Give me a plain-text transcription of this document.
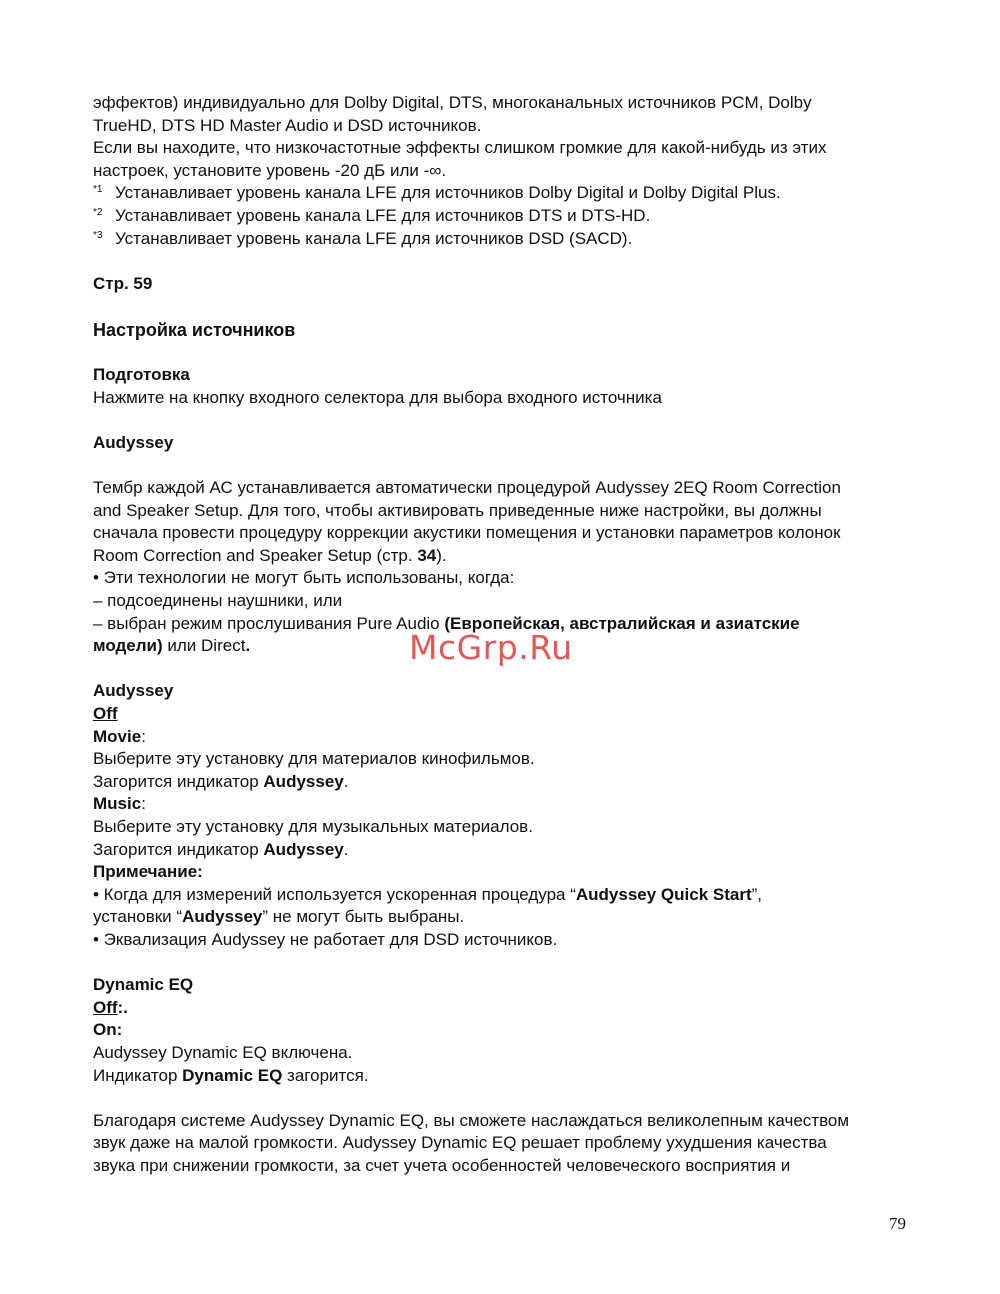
эффектов) индивидуально для Dolby Digital, DTS, многоканальных источников PCM, Dolby
TrueHD, DTS HD Master Audio и DSD источников.
Если вы находите, что низкочастотные эффекты слишком громкие для какой-нибудь из этих
настроек, установите уровень -20 дБ или -∞.
$^{*1}$ Устанавливает уровень канала LFE для источников Dolby Digital и Dolby Digital Plus.
$^{*2}$ Устанавливает уровень канала LFE для источников DTS и DTS-HD.
$^{*3}$ Устанавливает уровень канала LFE для источников DSD (SACD).
Стр. 59
Настройка источников
Подготовка
Нажмите на кнопку входного селектора для выбора входного источника
Audyssey
Тембр каждой АС устанавливается автоматически процедурой Audyssey 2EQ Room Correction
and Speaker Setup. Для того, чтобы активировать приведенные ниже настройки, вы должны
сначала провести процедуру коррекции акустики помещения и установки параметров колонок
Room Correction and Speaker Setup (стр. 34).
• Эти технологии не могут быть использованы, когда:
– подсоединены наушники, или
– выбран режим прослушивания Pure Audio (Европейская, австралийская и азиатские
модели) или Direct.
Audyssey
Off
Movie:
Выберите эту установку для материалов кинофильмов.
Загорится индикатор Audyssey.
Music:
Выберите эту установку для музыкальных материалов.
Загорится индикатор Audyssey.
Примечание:
• Когда для измерений используется ускоренная процедура “Audyssey Quick Start”,
установки “Audyssey” не могут быть выбраны.
• Эквализация Audyssey не работает для DSD источников.
Dynamic EQ
Off:.
On:
Audyssey Dynamic EQ включена.
Индикатор Dynamic EQ загорится.
Благодаря системе Audyssey Dynamic EQ, вы сможете наслаждаться великолепным качеством
звук даже на малой громкости. Audyssey Dynamic EQ решает проблему ухудшения качества
звука при снижении громкости, за счет учета особенностей человеческого восприятия и
McGrp.Ru
79
